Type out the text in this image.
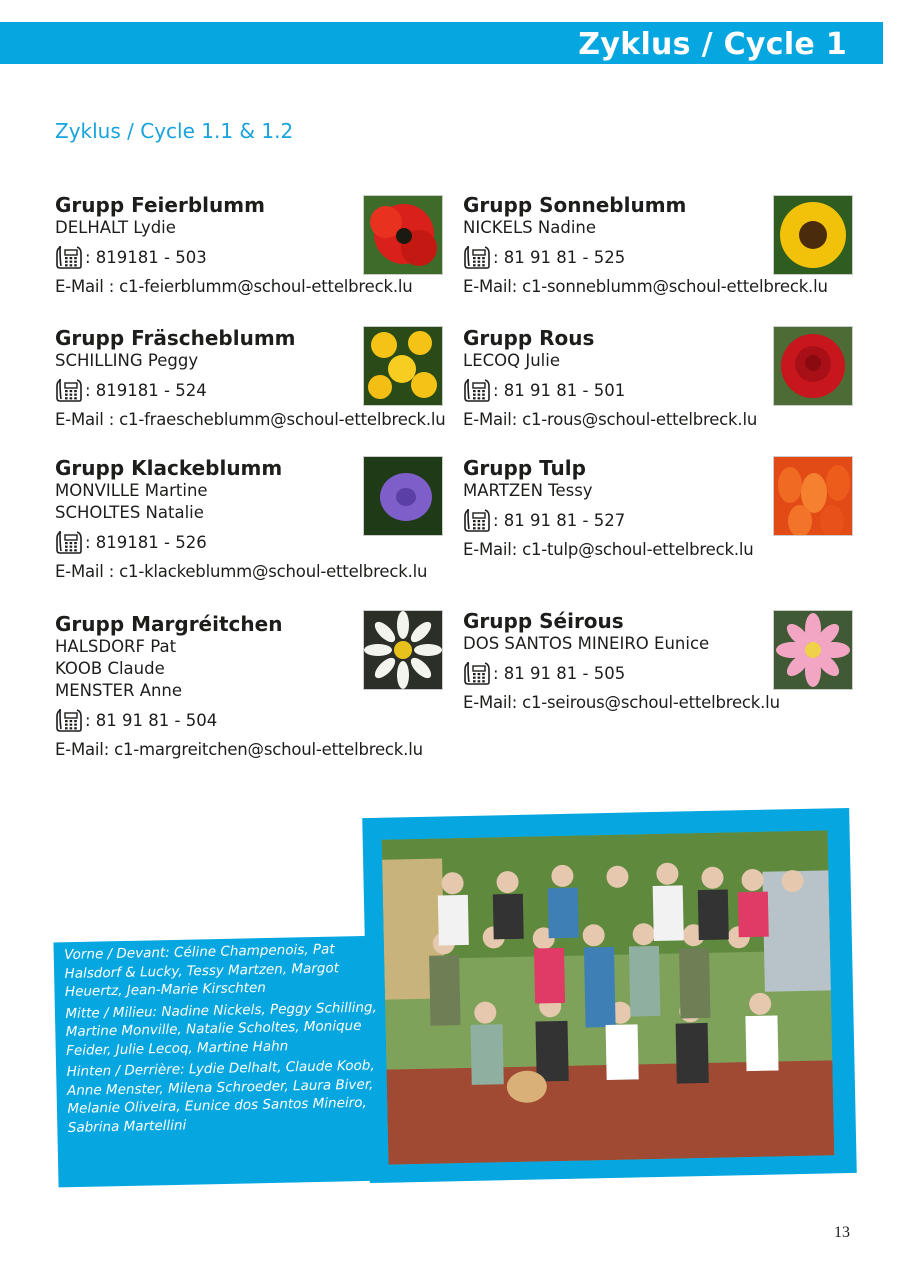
Zyklus / Cycle 1
Zyklus / Cycle 1.1 & 1.2
Grupp Feierblumm
DELHALT Lydie
: 819181 - 503
E-Mail : c1-feierblumm@schoul-ettelbreck.lu
Grupp Sonneblumm
NICKELS Nadine
: 81 91 81 - 525
E-Mail: c1-sonneblumm@schoul-ettelbreck.lu
Grupp Fräscheblumm
SCHILLING Peggy
: 819181 - 524
E-Mail : c1-fraescheblumm@schoul-ettelbreck.lu
Grupp Rous
LECOQ Julie
: 81 91 81 - 501
E-Mail: c1-rous@schoul-ettelbreck.lu
Grupp Klackeblumm
MONVILLE Martine
SCHOLTES Natalie
: 819181 - 526
E-Mail : c1-klackeblumm@schoul-ettelbreck.lu
Grupp Tulp
MARTZEN Tessy
: 81 91 81 - 527
E-Mail: c1-tulp@schoul-ettelbreck.lu
Grupp Margréitchen
HALSDORF Pat
KOOB Claude
MENSTER Anne
: 81 91 81 - 504
E-Mail: c1-margreitchen@schoul-ettelbreck.lu
Grupp Séirous
DOS SANTOS MINEIRO Eunice
: 81 91 81 - 505
E-Mail: c1-seirous@schoul-ettelbreck.lu

Vorne / Devant: Céline Champenois, Pat Halsdorf & Lucky, Tessy Martzen, Margot Heuertz, Jean-Marie Kirschten

Mitte / Milieu: Nadine Nickels, Peggy Schilling, Martine Monville, Natalie Scholtes, Monique Feider, Julie Lecoq, Martine Hahn

Hinten / Derrière: Lydie Delhalt, Claude Koob, Anne Menster, Milena Schroeder, Laura Biver, Melanie Oliveira, Eunice dos Santos Mineiro, Sabrina Martellini

13
